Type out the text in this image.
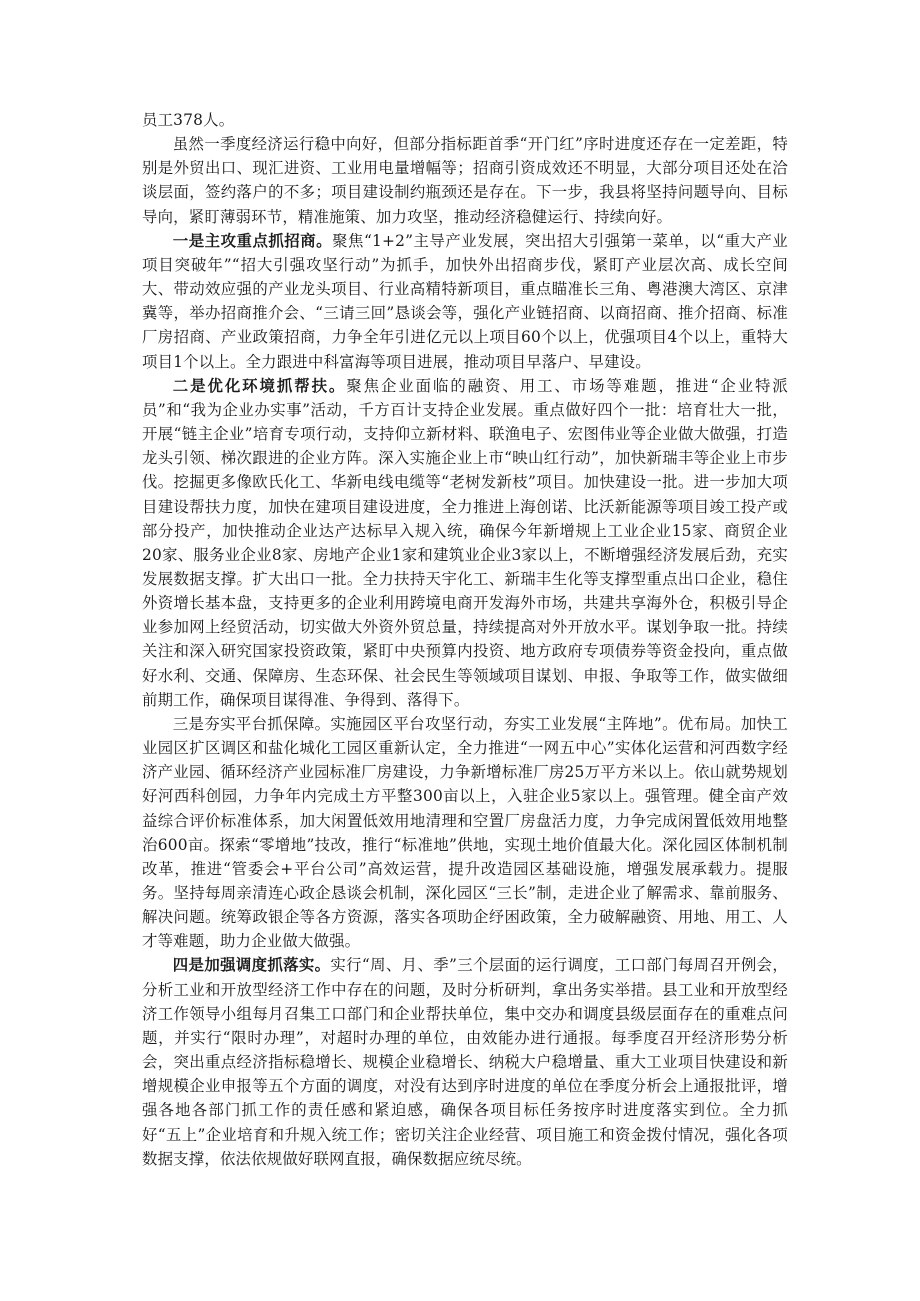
员工378人。

虽然一季度经济运行稳中向好，但部分指标距首季“开门红”序时进度还存在一定差距，特别是外贸出口、现汇进资、工业用电量增幅等；招商引资成效还不明显，大部分项目还处在洽谈层面，签约落户的不多；项目建设制约瓶颈还是存在。下一步，我县将坚持问题导向、目标导向，紧盯薄弱环节，精准施策、加力攻坚，推动经济稳健运行、持续向好。

一是主攻重点抓招商。聚焦“1+2”主导产业发展，突出招大引强第一菜单，以“重大产业项目突破年”“招大引强攻坚行动”为抓手，加快外出招商步伐，紧盯产业层次高、成长空间大、带动效应强的产业龙头项目、行业高精特新项目，重点瞄准长三角、粤港澳大湾区、京津冀等，举办招商推介会、“三请三回”恳谈会等，强化产业链招商、以商招商、推介招商、标准厂房招商、产业政策招商，力争全年引进亿元以上项目60个以上，优强项目4个以上，重特大项目1个以上。全力跟进中科富海等项目进展，推动项目早落户、早建设。

二是优化环境抓帮扶。聚焦企业面临的融资、用工、市场等难题，推进“企业特派员”和“我为企业办实事”活动，千方百计支持企业发展。重点做好四个一批：培育壮大一批，开展“链主企业”培育专项行动，支持仰立新材料、联渔电子、宏图伟业等企业做大做强，打造龙头引领、梯次跟进的企业方阵。深入实施企业上市“映山红行动”，加快新瑞丰等企业上市步伐。挖掘更多像欧氏化工、华新电线电缆等“老树发新枝”项目。加快建设一批。进一步加大项目建设帮扶力度，加快在建项目建设进度，全力推进上海创诺、比沃新能源等项目竣工投产或部分投产，加快推动企业达产达标早入规入统，确保今年新增规上工业企业15家、商贸企业20家、服务业企业8家、房地产企业1家和建筑业企业3家以上，不断增强经济发展后劲，充实发展数据支撑。扩大出口一批。全力扶持天宇化工、新瑞丰生化等支撑型重点出口企业，稳住外资增长基本盘，支持更多的企业利用跨境电商开发海外市场，共建共享海外仓，积极引导企业参加网上经贸活动，切实做大外资外贸总量，持续提高对外开放水平。谋划争取一批。持续关注和深入研究国家投资政策，紧盯中央预算内投资、地方政府专项债券等资金投向，重点做好水利、交通、保障房、生态环保、社会民生等领域项目谋划、申报、争取等工作，做实做细前期工作，确保项目谋得准、争得到、落得下。

三是夯实平台抓保障。实施园区平台攻坚行动，夯实工业发展“主阵地”。优布局。加快工业园区扩区调区和盐化城化工园区重新认定，全力推进“一网五中心”实体化运营和河西数字经济产业园、循环经济产业园标准厂房建设，力争新增标准厂房25万平方米以上。依山就势规划好河西科创园，力争年内完成土方平整300亩以上，入驻企业5家以上。强管理。健全亩产效益综合评价标准体系，加大闲置低效用地清理和空置厂房盘活力度，力争完成闲置低效用地整治600亩。探索“零增地”技改，推行“标准地”供地，实现土地价值最大化。深化园区体制机制改革，推进“管委会+平台公司”高效运营，提升改造园区基础设施，增强发展承载力。提服务。坚持每周亲清连心政企恳谈会机制，深化园区“三长”制，走进企业了解需求、靠前服务、解决问题。统筹政银企等各方资源，落实各项助企纾困政策，全力破解融资、用地、用工、人才等难题，助力企业做大做强。

四是加强调度抓落实。实行“周、月、季”三个层面的运行调度，工口部门每周召开例会，分析工业和开放型经济工作中存在的问题，及时分析研判，拿出务实举措。县工业和开放型经济工作领导小组每月召集工口部门和企业帮扶单位，集中交办和调度县级层面存在的重难点问题，并实行“限时办理”，对超时办理的单位，由效能办进行通报。每季度召开经济形势分析会，突出重点经济指标稳增长、规模企业稳增长、纳税大户稳增量、重大工业项目快建设和新增规模企业申报等五个方面的调度，对没有达到序时进度的单位在季度分析会上通报批评，增强各地各部门抓工作的责任感和紧迫感，确保各项目标任务按序时进度落实到位。全力抓好“五上”企业培育和升规入统工作；密切关注企业经营、项目施工和资金拨付情况，强化各项数据支撑，依法依规做好联网直报，确保数据应统尽统。
